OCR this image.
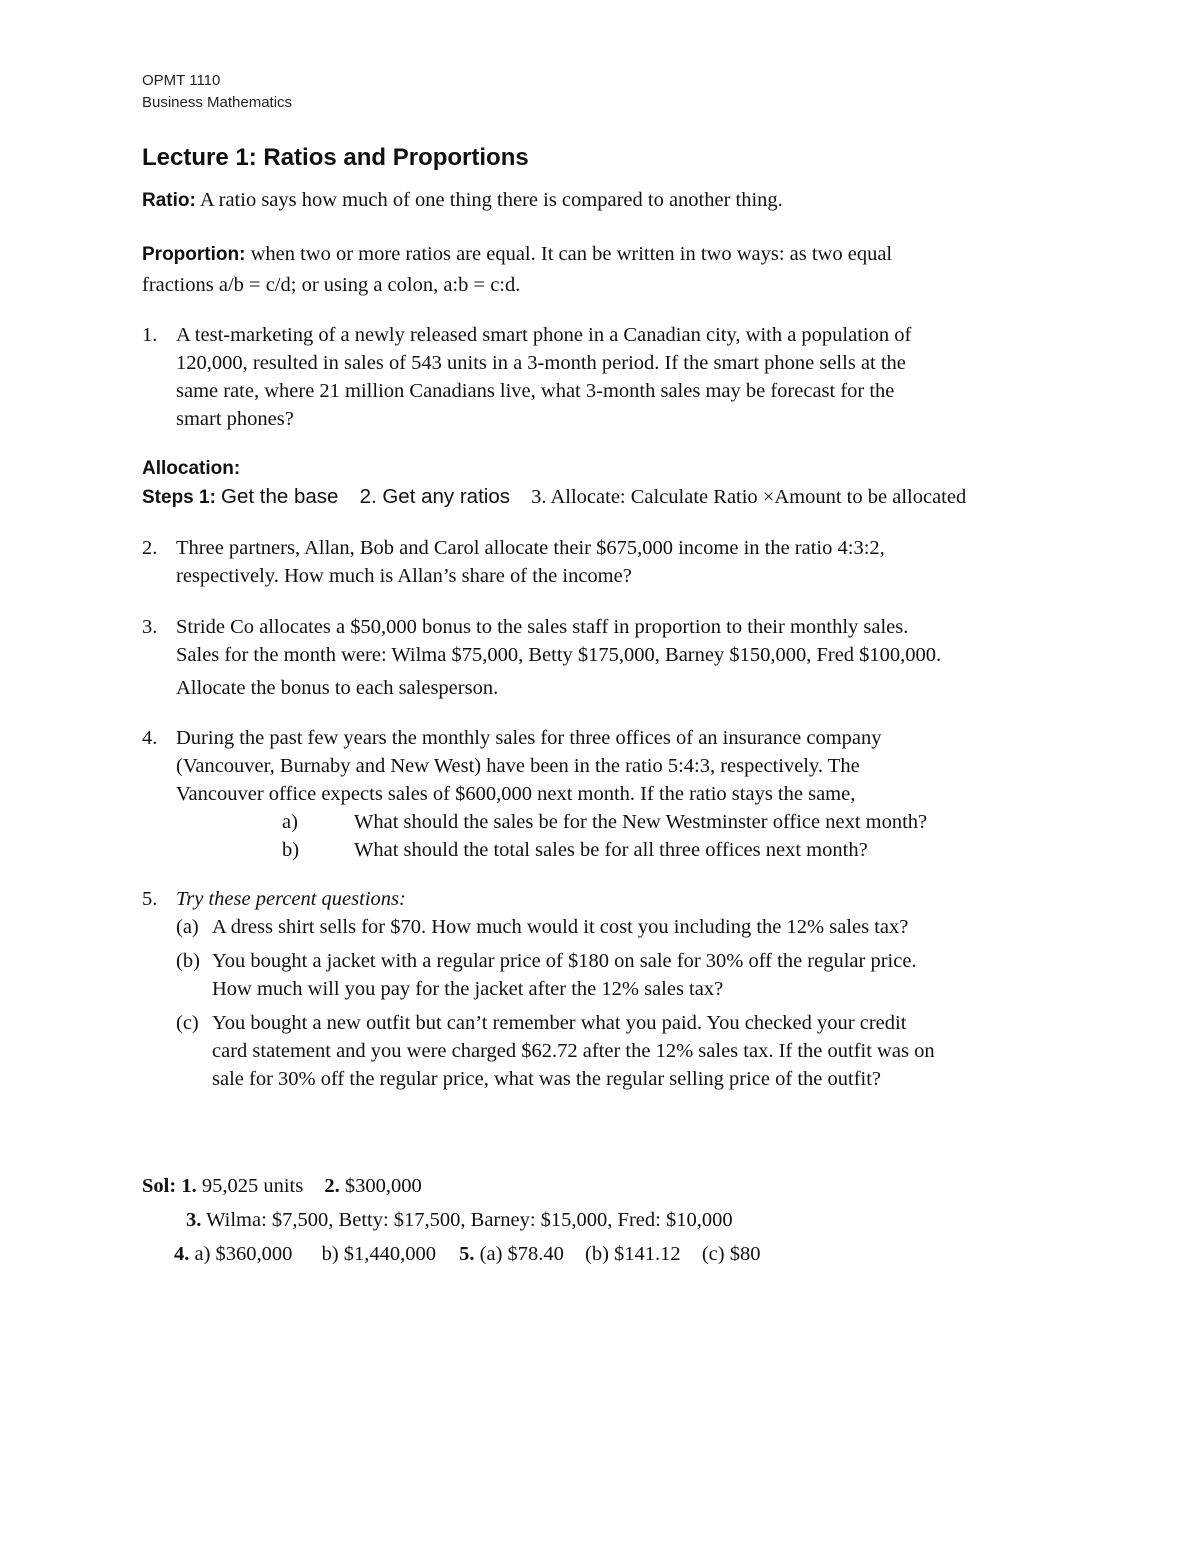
OPMT 1110
Business Mathematics
Lecture 1: Ratios and Proportions
Ratio: A ratio says how much of one thing there is compared to another thing.
Proportion: when two or more ratios are equal. It can be written in two ways: as two equal
fractions a/b = c/d; or using a colon, a:b = c:d.
1. A test-marketing of a newly released smart phone in a Canadian city, with a population of
120,000, resulted in sales of 543 units in a 3-month period. If the smart phone sells at the
same rate, where 21 million Canadians live, what 3-month sales may be forecast for the
smart phones?
Allocation:
Steps 1: Get the base 2. Get any ratios 3. Allocate: Calculate Ratio ×Amount to be allocated
2. Three partners, Allan, Bob and Carol allocate their $675,000 income in the ratio 4:3:2,
respectively. How much is Allan’s share of the income?
3. Stride Co allocates a $50,000 bonus to the sales staff in proportion to their monthly sales.
Sales for the month were: Wilma $75,000, Betty $175,000, Barney $150,000, Fred $100,000.
Allocate the bonus to each salesperson.
4. During the past few years the monthly sales for three offices of an insurance company
(Vancouver, Burnaby and New West) have been in the ratio 5:4:3, respectively. The
Vancouver office expects sales of $600,000 next month. If the ratio stays the same,
a)	What should the sales be for the New Westminster office next month?
b)	What should the total sales be for all three offices next month?
5. Try these percent questions:
(a) A dress shirt sells for $70. How much would it cost you including the 12% sales tax?
(b) You bought a jacket with a regular price of $180 on sale for 30% off the regular price.
How much will you pay for the jacket after the 12% sales tax?
(c) You bought a new outfit but can’t remember what you paid. You checked your credit
card statement and you were charged $62.72 after the 12% sales tax. If the outfit was on
sale for 30% off the regular price, what was the regular selling price of the outfit?
Sol: 1. 95,025 units 2. $300,000
3. Wilma: $7,500, Betty: $17,500, Barney: $15,000, Fred: $10,000
4. a) $360,000 b) $1,440,000 5. (a) $78.40 (b) $141.12 (c) $80
